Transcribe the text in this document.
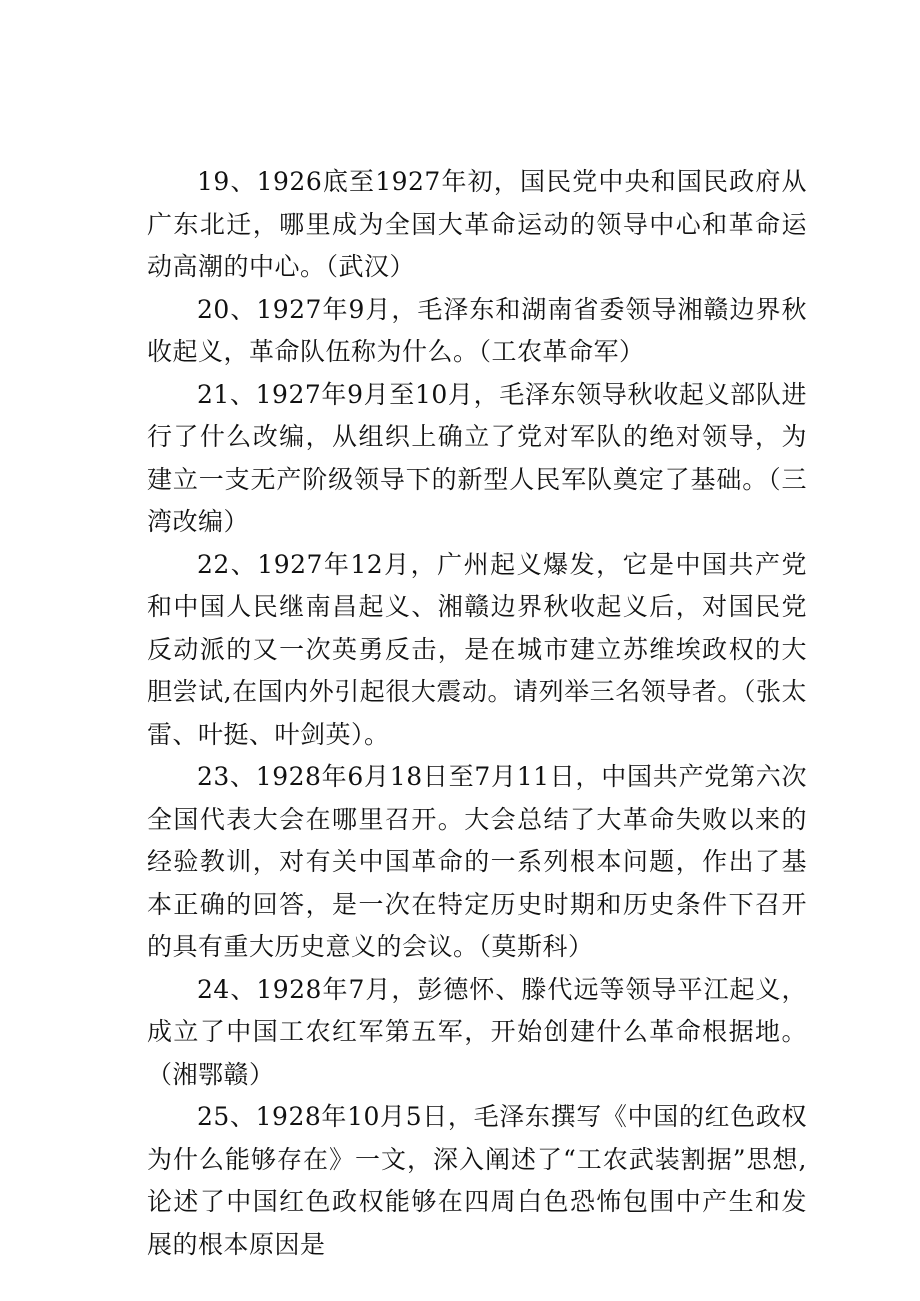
19、1926底至1927年初，国民党中央和国民政府从广东北迁，哪里成为全国大革命运动的领导中心和革命运动高潮的中心。（武汉）

20、1927年9月，毛泽东和湖南省委领导湘赣边界秋收起义，革命队伍称为什么。（工农革命军）

21、1927年9月至10月，毛泽东领导秋收起义部队进行了什么改编，从组织上确立了党对军队的绝对领导，为建立一支无产阶级领导下的新型人民军队奠定了基础。（三湾改编）

22、1927年12月，广州起义爆发，它是中国共产党和中国人民继南昌起义、湘赣边界秋收起义后，对国民党反动派的又一次英勇反击，是在城市建立苏维埃政权的大胆尝试,在国内外引起很大震动。请列举三名领导者。（张太雷、叶挺、叶剑英）。

23、1928年6月18日至7月11日，中国共产党第六次全国代表大会在哪里召开。大会总结了大革命失败以来的经验教训，对有关中国革命的一系列根本问题，作出了基本正确的回答，是一次在特定历史时期和历史条件下召开的具有重大历史意义的会议。（莫斯科）

24、1928年7月，彭德怀、滕代远等领导平江起义，成立了中国工农红军第五军，开始创建什么革命根据地。（湘鄂赣）

25、1928年10月5日，毛泽东撰写《中国的红色政权为什么能够存在》一文，深入阐述了“工农武装割据”思想,论述了中国红色政权能够在四周白色恐怖包围中产生和发展的根本原因是
